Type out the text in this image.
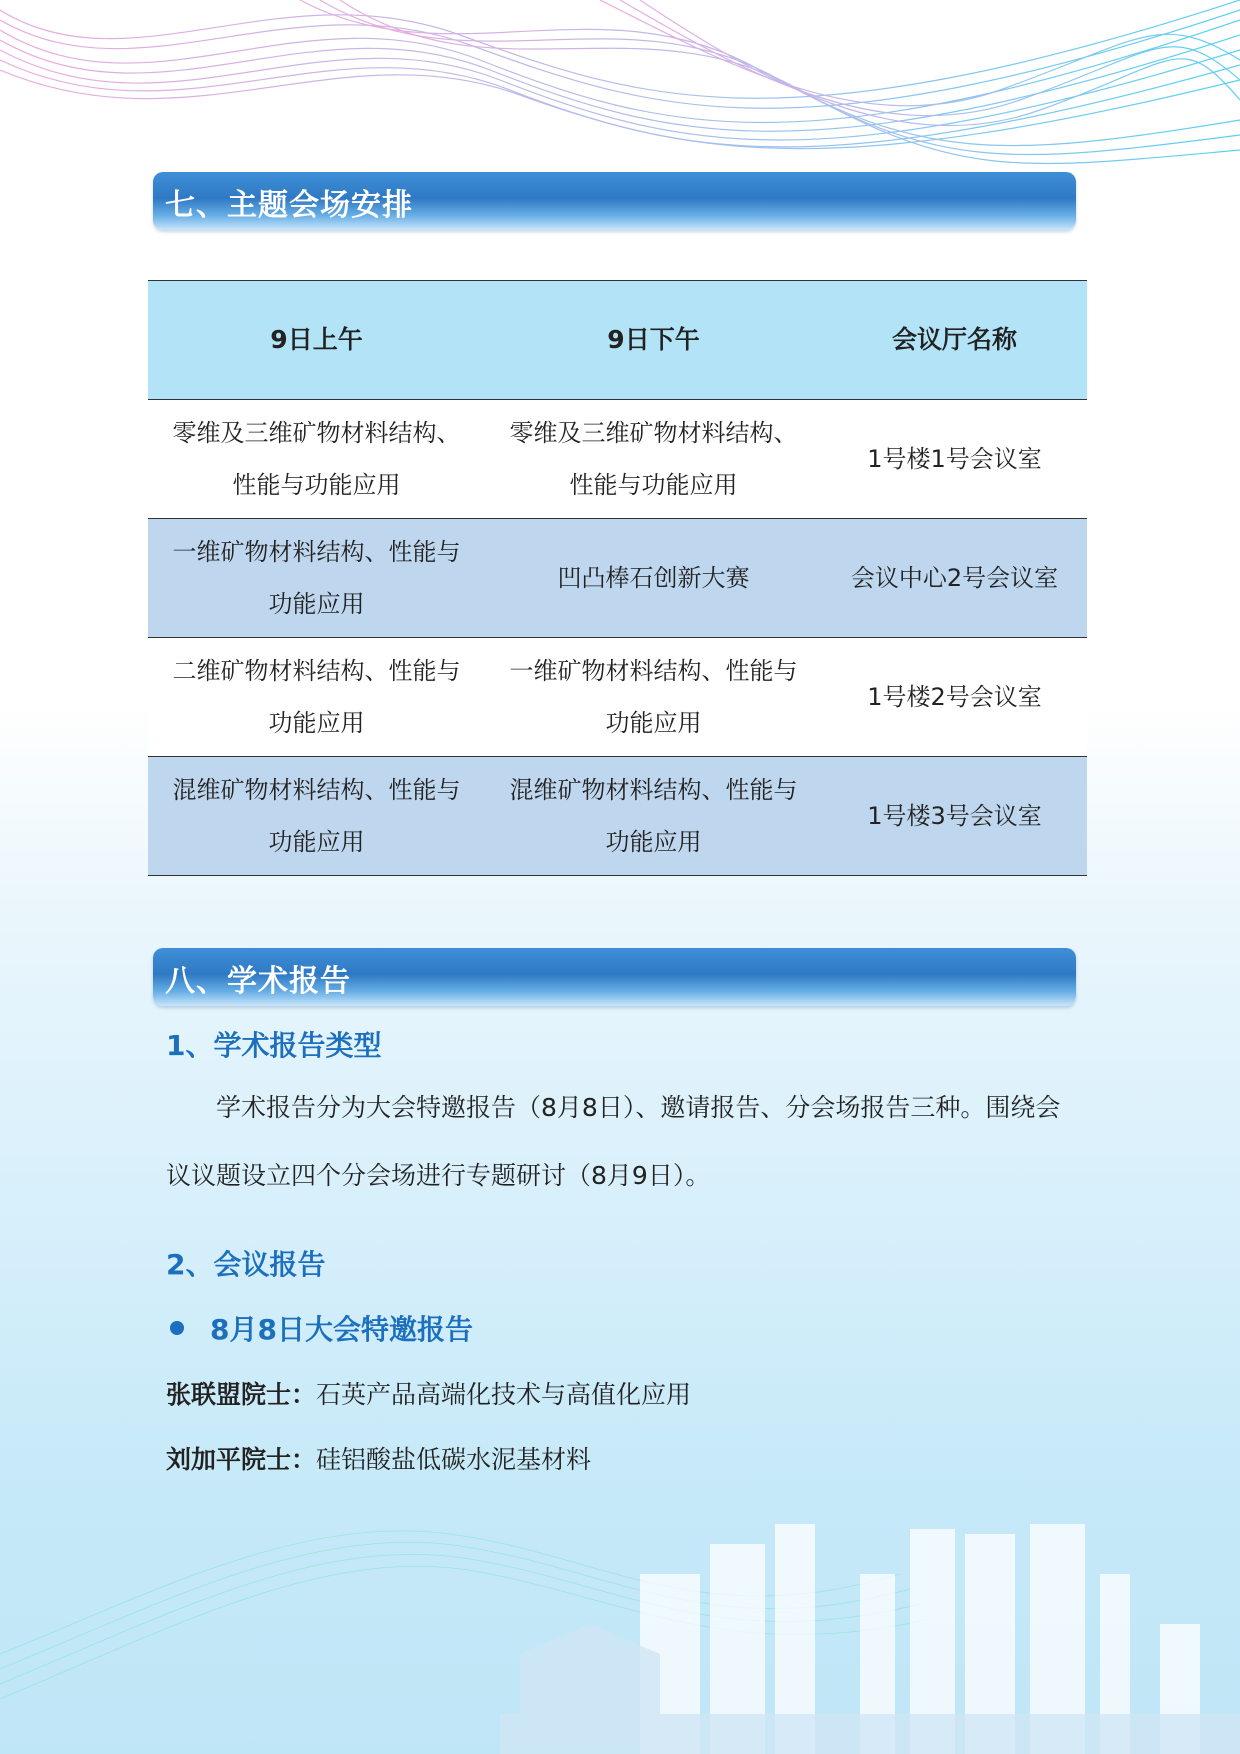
七、主题会场安排
9日上午	9日下午	会议厅名称
零维及三维矿物材料结构、性能与功能应用	零维及三维矿物材料结构、性能与功能应用	1号楼1号会议室
一维矿物材料结构、性能与功能应用	凹凸棒石创新大赛	会议中心2号会议室
二维矿物材料结构、性能与功能应用	一维矿物材料结构、性能与功能应用	1号楼2号会议室
混维矿物材料结构、性能与功能应用	混维矿物材料结构、性能与功能应用	1号楼3号会议室
八、学术报告
1、学术报告类型
学术报告分为大会特邀报告（8月8日）、邀请报告、分会场报告三种。围绕会议议题设立四个分会场进行专题研讨（8月9日）。
2、会议报告
8月8日大会特邀报告
张联盟院士：石英产品高端化技术与高值化应用
刘加平院士：硅铝酸盐低碳水泥基材料
